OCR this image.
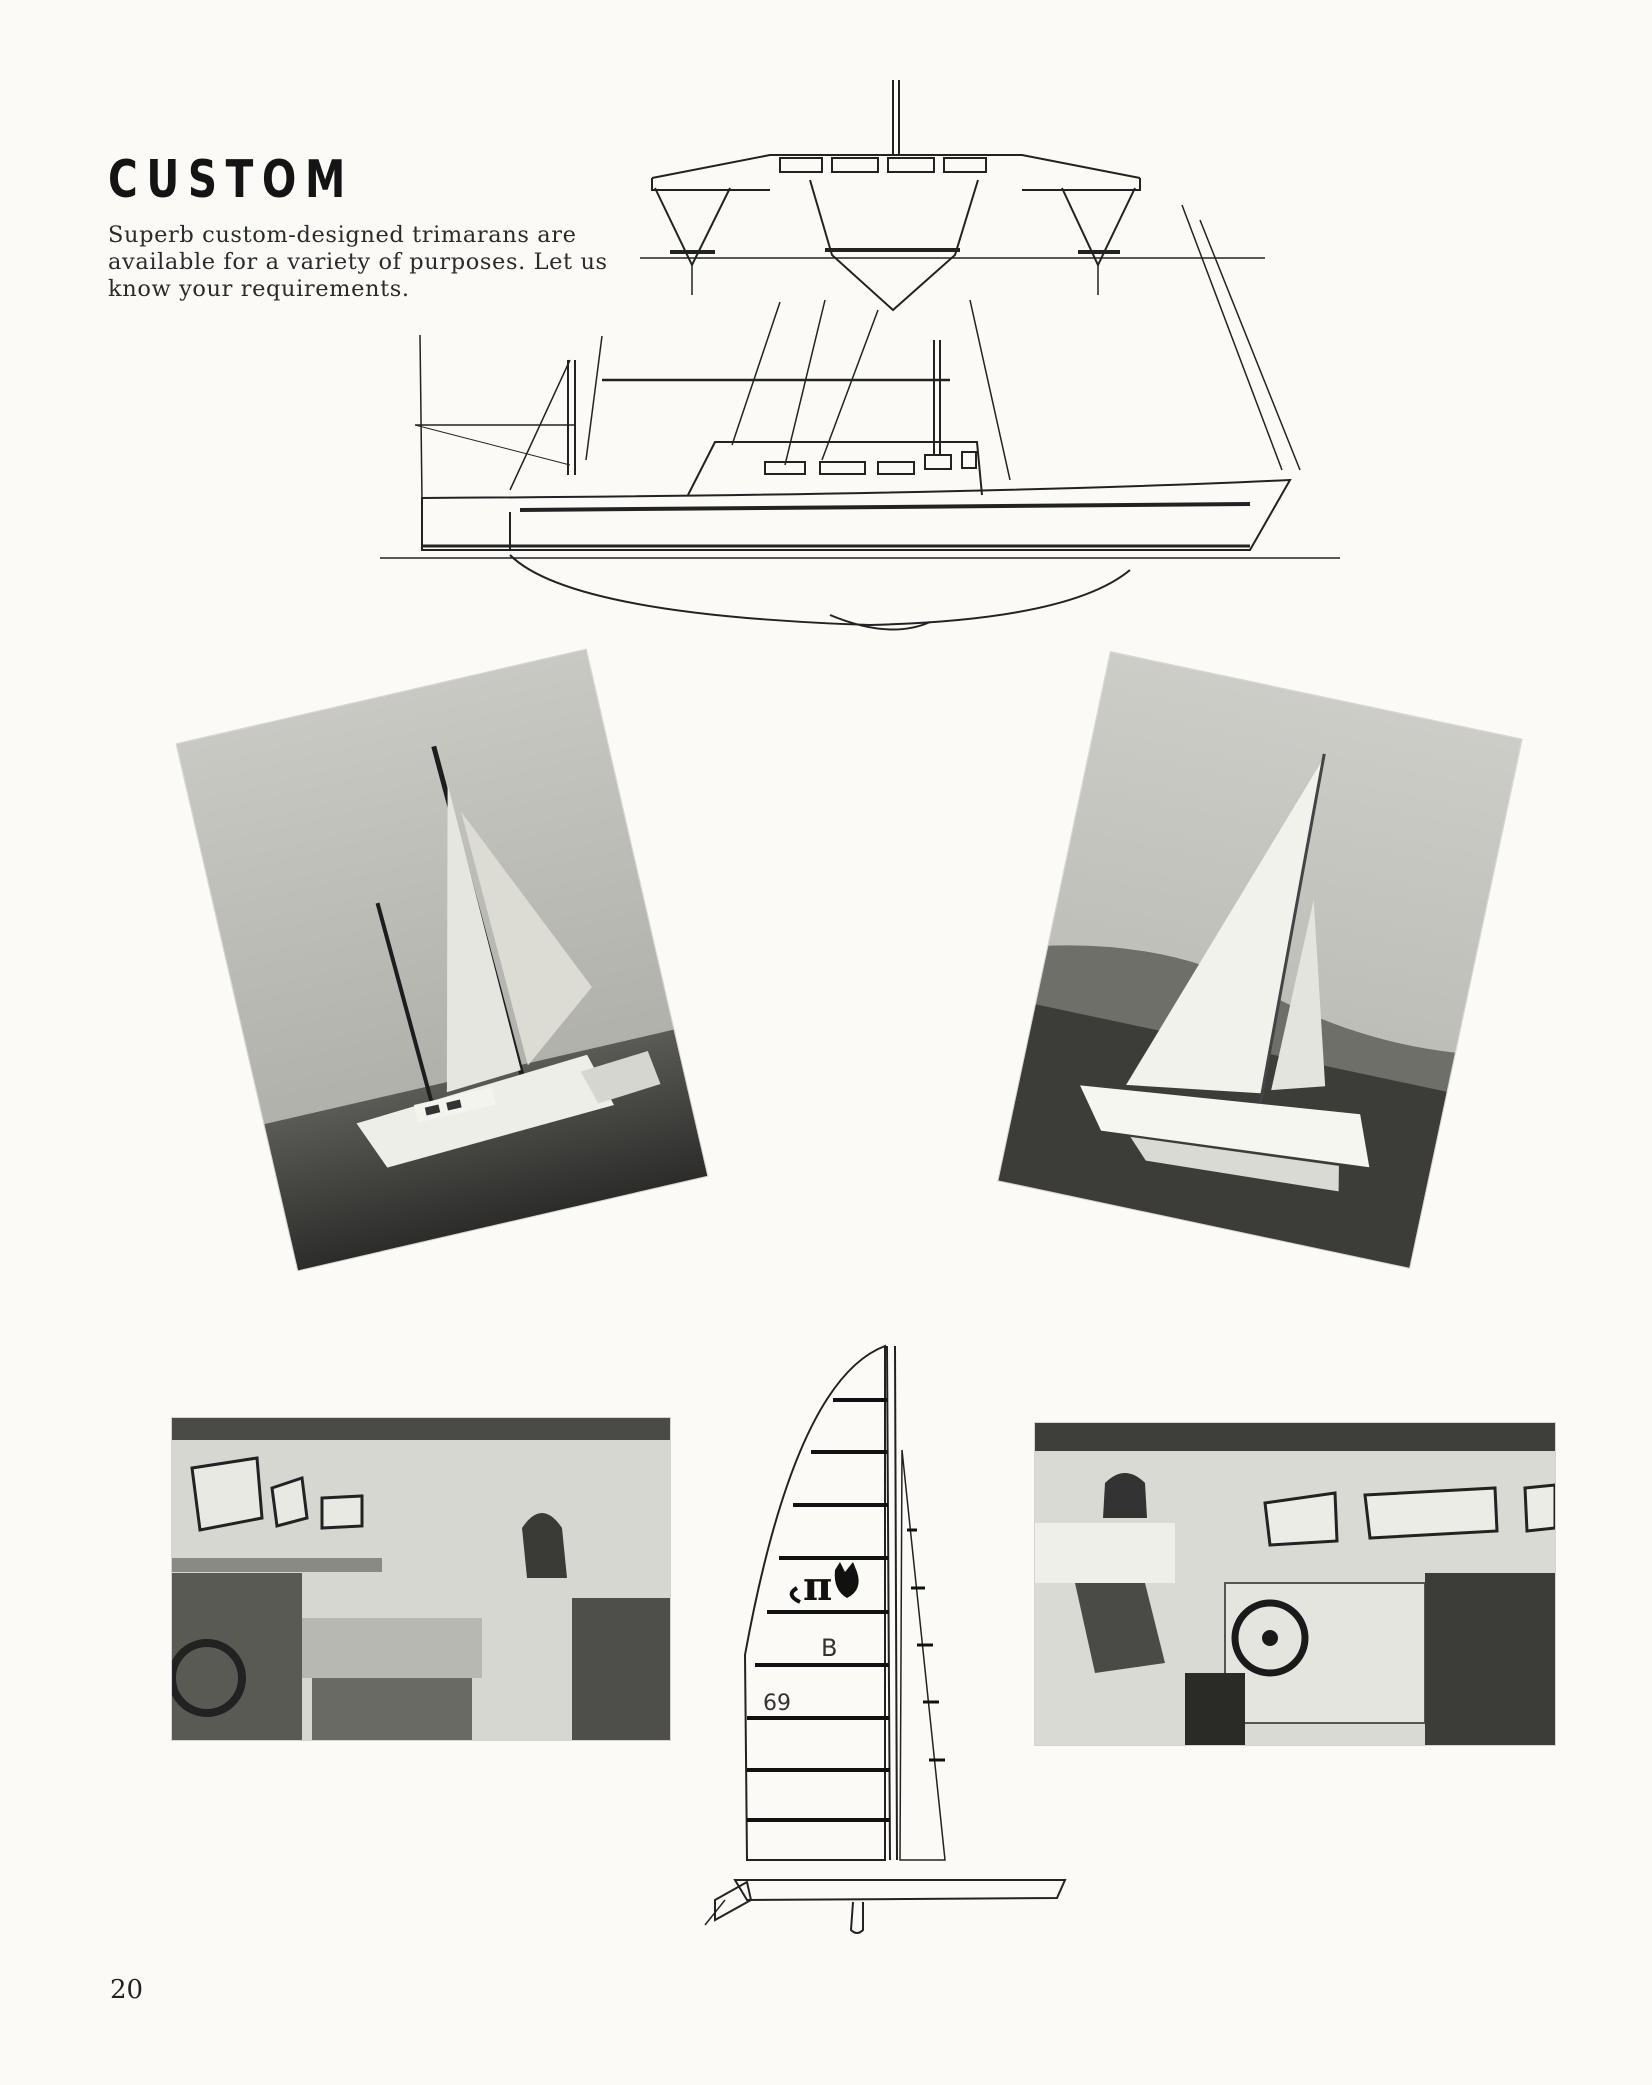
CUSTOM
Superb custom-designed trimarans are available for a variety of purposes. Let us know your requirements.
π
B
69
20
